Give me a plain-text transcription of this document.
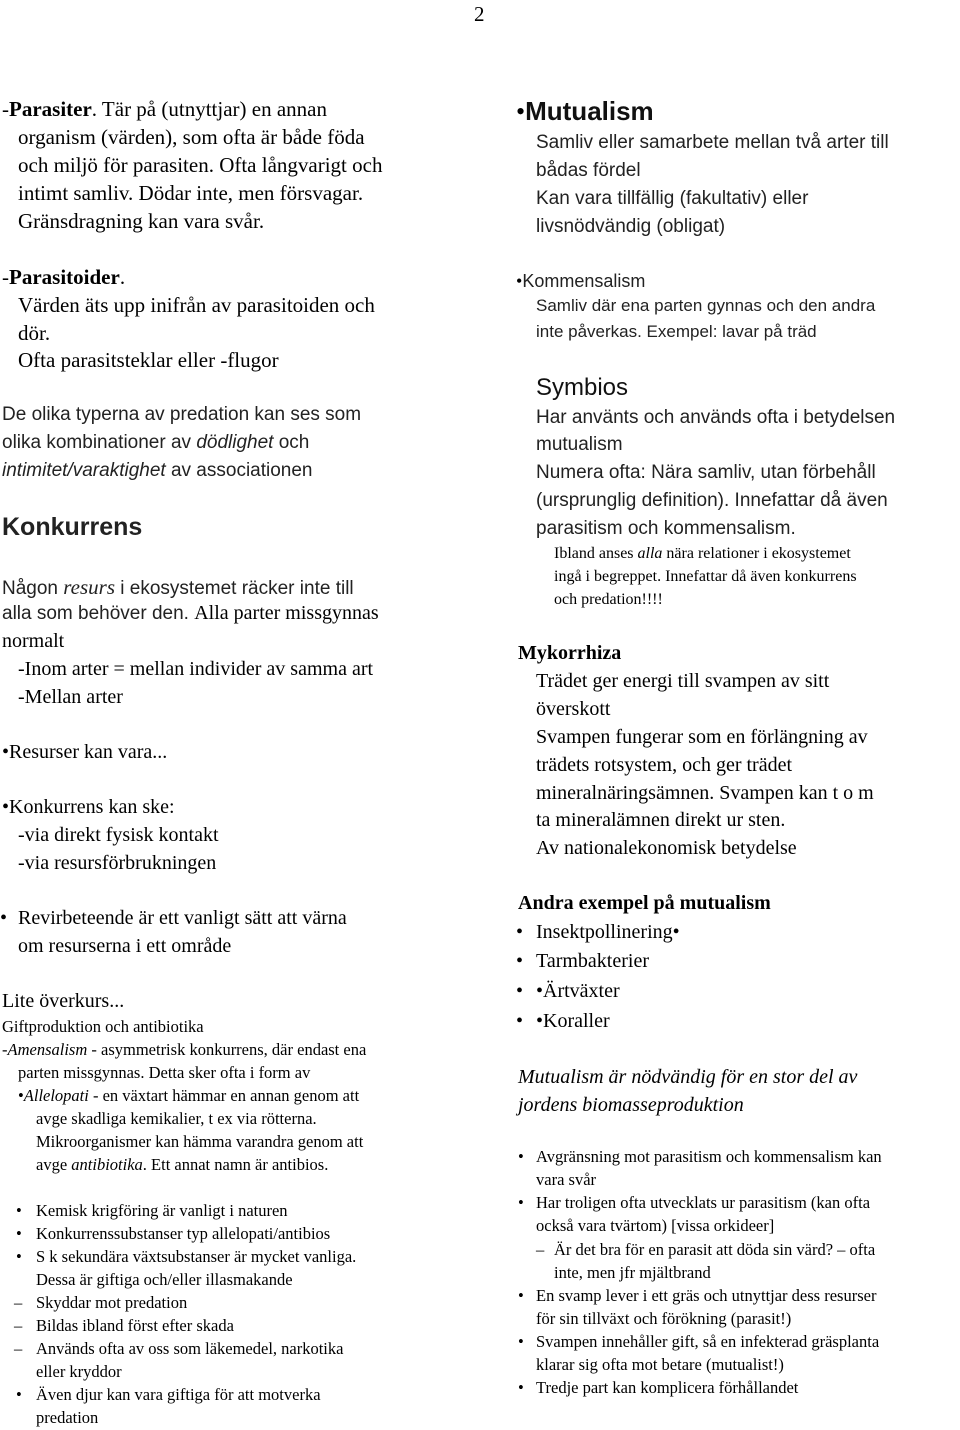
2
-Parasiter. Tär på (utnyttjar) en annan
organism (värden), som ofta är både föda
och miljö för parasiten. Ofta långvarigt och
intimt samliv. Dödar inte, men försvagar.
Gränsdragning kan vara svår.
-Parasitoider.
Värden äts upp inifrån av parasitoiden och
dör.
Ofta parasitsteklar eller -flugor
De olika typerna av predation kan ses som
olika kombinationer av dödlighet och
intimitet/varaktighet av associationen
Konkurrens
Någon resurs i ekosystemet räcker inte till
alla som behöver den. Alla parter missgynnas
normalt
-Inom arter = mellan individer av samma art
-Mellan arter
•Resurser kan vara...
•Konkurrens kan ske:
-via direkt fysisk kontakt
-via resursförbrukningen
• Revirbeteende är ett vanligt sätt att värna
om resurserna i ett område
Lite överkurs...
Giftproduktion och antibiotika
-Amensalism - asymmetrisk konkurrens, där endast ena
parten missgynnas. Detta sker ofta i form av
•Allelopati - en växtart hämmar en annan genom att
avge skadliga kemikalier, t ex via rötterna.
Mikroorganismer kan hämma varandra genom att
avge antibiotika. Ett annat namn är antibios.
• Kemisk krigföring är vanligt i naturen
• Konkurrenssubstanser typ allelopati/antibios
• S k sekundära växtsubstanser är mycket vanliga.
Dessa är giftiga och/eller illasmakande
– Skyddar mot predation
– Bildas ibland först efter skada
– Används ofta av oss som läkemedel, narkotika
eller kryddor
• Även djur kan vara giftiga för att motverka
predation
•Mutualism
Samliv eller samarbete mellan två arter till
bådas fördel
Kan vara tillfällig (fakultativ) eller
livsnödvändig (obligat)
•Kommensalism
Samliv där ena parten gynnas och den andra
inte påverkas. Exempel: lavar på träd
Symbios
Har använts och används ofta i betydelsen
mutualism
Numera ofta: Nära samliv, utan förbehåll
(ursprunglig definition). Innefattar då även
parasitism och kommensalism.
Ibland anses alla nära relationer i ekosystemet
ingå i begreppet. Innefattar då även konkurrens
och predation!!!!
Mykorrhiza
Trädet ger energi till svampen av sitt
överskott
Svampen fungerar som en förlängning av
trädets rotsystem, och ger trädet
mineralnäringsämnen. Svampen kan t o m
ta mineralämnen direkt ur sten.
Av nationalekonomisk betydelse
Andra exempel på mutualism
• Insektpollinering•
• Tarmbakterier
• •Ärtväxter
• •Koraller
Mutualism är nödvändig för en stor del av
jordens biomasseproduktion
• Avgränsning mot parasitism och kommensalism kan
vara svår
• Har troligen ofta utvecklats ur parasitism (kan ofta
också vara tvärtom) [vissa orkideer]
– Är det bra för en parasit att döda sin värd? – ofta
inte, men jfr mjältbrand
• En svamp lever i ett gräs och utnyttjar dess resurser
för sin tillväxt och förökning (parasit!)
• Svampen innehåller gift, så en infekterad gräsplanta
klarar sig ofta mot betare (mutualist!)
• Tredje part kan komplicera förhållandet
